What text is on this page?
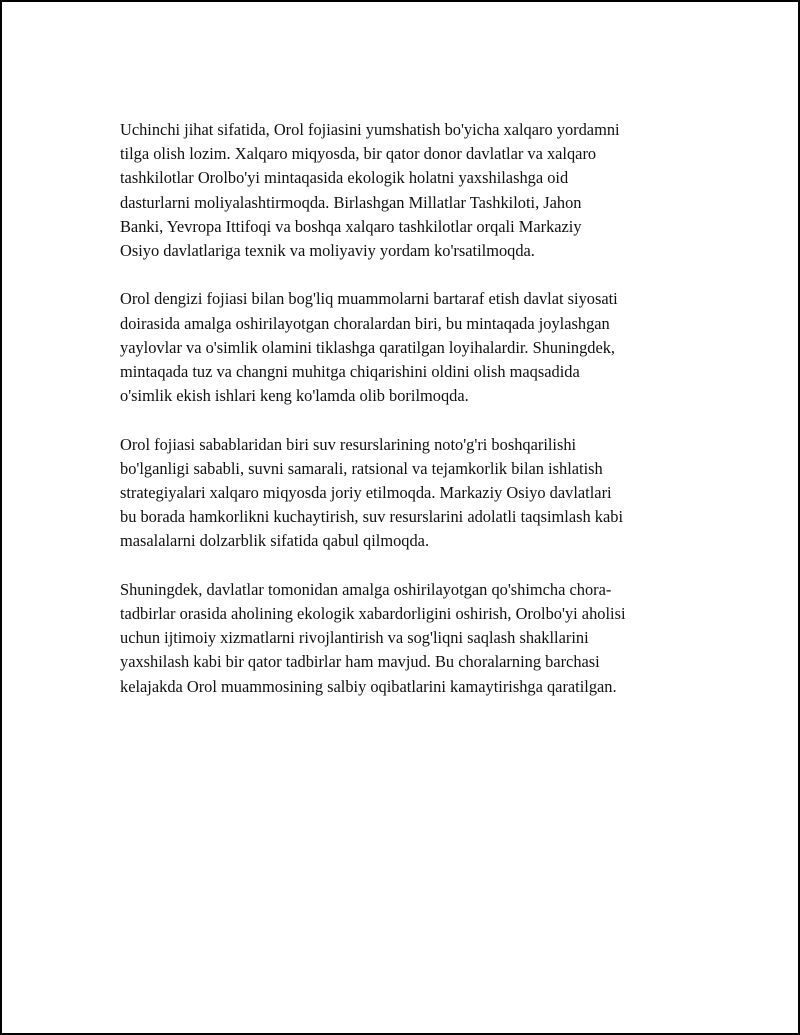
Uchinchi jihat sifatida, Orol fojiasini yumshatish bo'yicha xalqaro yordamni
tilga olish lozim. Xalqaro miqyosda, bir qator donor davlatlar va xalqaro
tashkilotlar Orolbo'yi mintaqasida ekologik holatni yaxshilashga oid
dasturlarni moliyalashtirmoqda. Birlashgan Millatlar Tashkiloti, Jahon
Banki, Yevropa Ittifoqi va boshqa xalqaro tashkilotlar orqali Markaziy
Osiyo davlatlariga texnik va moliyaviy yordam ko'rsatilmoqda.

Orol dengizi fojiasi bilan bog'liq muammolarni bartaraf etish davlat siyosati
doirasida amalga oshirilayotgan choralardan biri, bu mintaqada joylashgan
yaylovlar va o'simlik olamini tiklashga qaratilgan loyihalardir. Shuningdek,
mintaqada tuz va changni muhitga chiqarishini oldini olish maqsadida
o'simlik ekish ishlari keng ko'lamda olib borilmoqda.

Orol fojiasi sabablaridan biri suv resurslarining noto'g'ri boshqarilishi
bo'lganligi sababli, suvni samarali, ratsional va tejamkorlik bilan ishlatish
strategiyalari xalqaro miqyosda joriy etilmoqda. Markaziy Osiyo davlatlari
bu borada hamkorlikni kuchaytirish, suv resurslarini adolatli taqsimlash kabi
masalalarni dolzarblik sifatida qabul qilmoqda.

Shuningdek, davlatlar tomonidan amalga oshirilayotgan qo'shimcha chora-
tadbirlar orasida aholining ekologik xabardorligini oshirish, Orolbo'yi aholisi
uchun ijtimoiy xizmatlarni rivojlantirish va sog'liqni saqlash shakllarini
yaxshilash kabi bir qator tadbirlar ham mavjud. Bu choralarning barchasi
kelajakda Orol muammosining salbiy oqibatlarini kamaytirishga qaratilgan.
